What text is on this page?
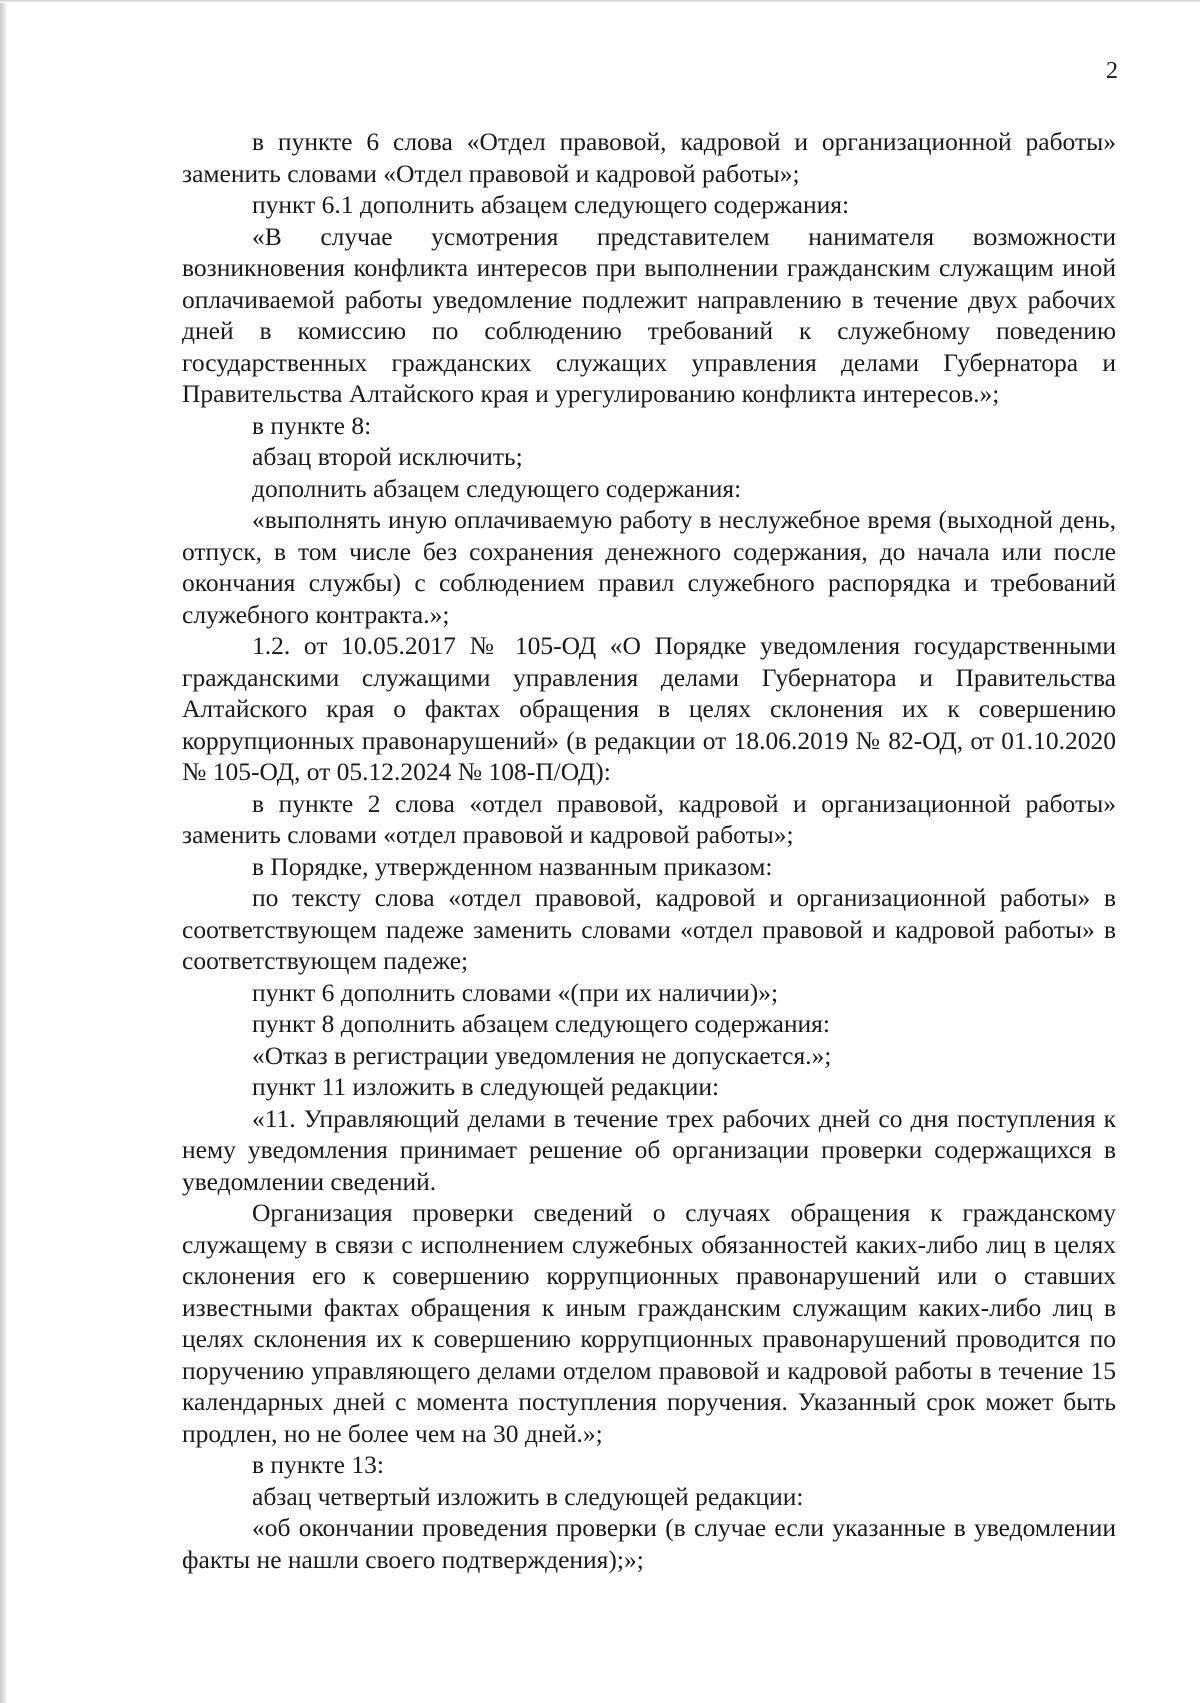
2

в пункте 6 слова «Отдел правовой, кадровой и организационной работы» заменить словами «Отдел правовой и кадровой работы»;

пункт 6.1 дополнить абзацем следующего содержания:

«В случае усмотрения представителем нанимателя возможности возникновения конфликта интересов при выполнении гражданским служащим иной оплачиваемой работы уведомление подлежит направлению в течение двух рабочих дней в комиссию по соблюдению требований к служебному поведению государственных гражданских служащих управления делами Губернатора и Правительства Алтайского края и урегулированию конфликта интересов.»;

в пункте 8:

абзац второй исключить;

дополнить абзацем следующего содержания:

«выполнять иную оплачиваемую работу в неслужебное время (выходной день, отпуск, в том числе без сохранения денежного содержания, до начала или после окончания службы) с соблюдением правил служебного распорядка и требований служебного контракта.»;

1.2. от 10.05.2017 № 105-ОД «О Порядке уведомления государственными гражданскими служащими управления делами Губернатора и Правительства Алтайского края о фактах обращения в целях склонения их к совершению коррупционных правонарушений» (в редакции от 18.06.2019 № 82-ОД, от 01.10.2020 № 105-ОД, от 05.12.2024 № 108-П/ОД):

в пункте 2 слова «отдел правовой, кадровой и организационной работы» заменить словами «отдел правовой и кадровой работы»;

в Порядке, утвержденном названным приказом:

по тексту слова «отдел правовой, кадровой и организационной работы» в соответствующем падеже заменить словами «отдел правовой и кадровой работы» в соответствующем падеже;

пункт 6 дополнить словами «(при их наличии)»;

пункт 8 дополнить абзацем следующего содержания:

«Отказ в регистрации уведомления не допускается.»;

пункт 11 изложить в следующей редакции:

«11. Управляющий делами в течение трех рабочих дней со дня поступления к нему уведомления принимает решение об организации проверки содержащихся в уведомлении сведений.

Организация проверки сведений о случаях обращения к гражданскому служащему в связи с исполнением служебных обязанностей каких-либо лиц в целях склонения его к совершению коррупционных правонарушений или о ставших известными фактах обращения к иным гражданским служащим каких-либо лиц в целях склонения их к совершению коррупционных правонарушений проводится по поручению управляющего делами отделом правовой и кадровой работы в течение 15 календарных дней с момента поступления поручения. Указанный срок может быть продлен, но не более чем на 30 дней.»;

в пункте 13:

абзац четвертый изложить в следующей редакции:

«об окончании проведения проверки (в случае если указанные в уведомлении факты не нашли своего подтверждения);»;
